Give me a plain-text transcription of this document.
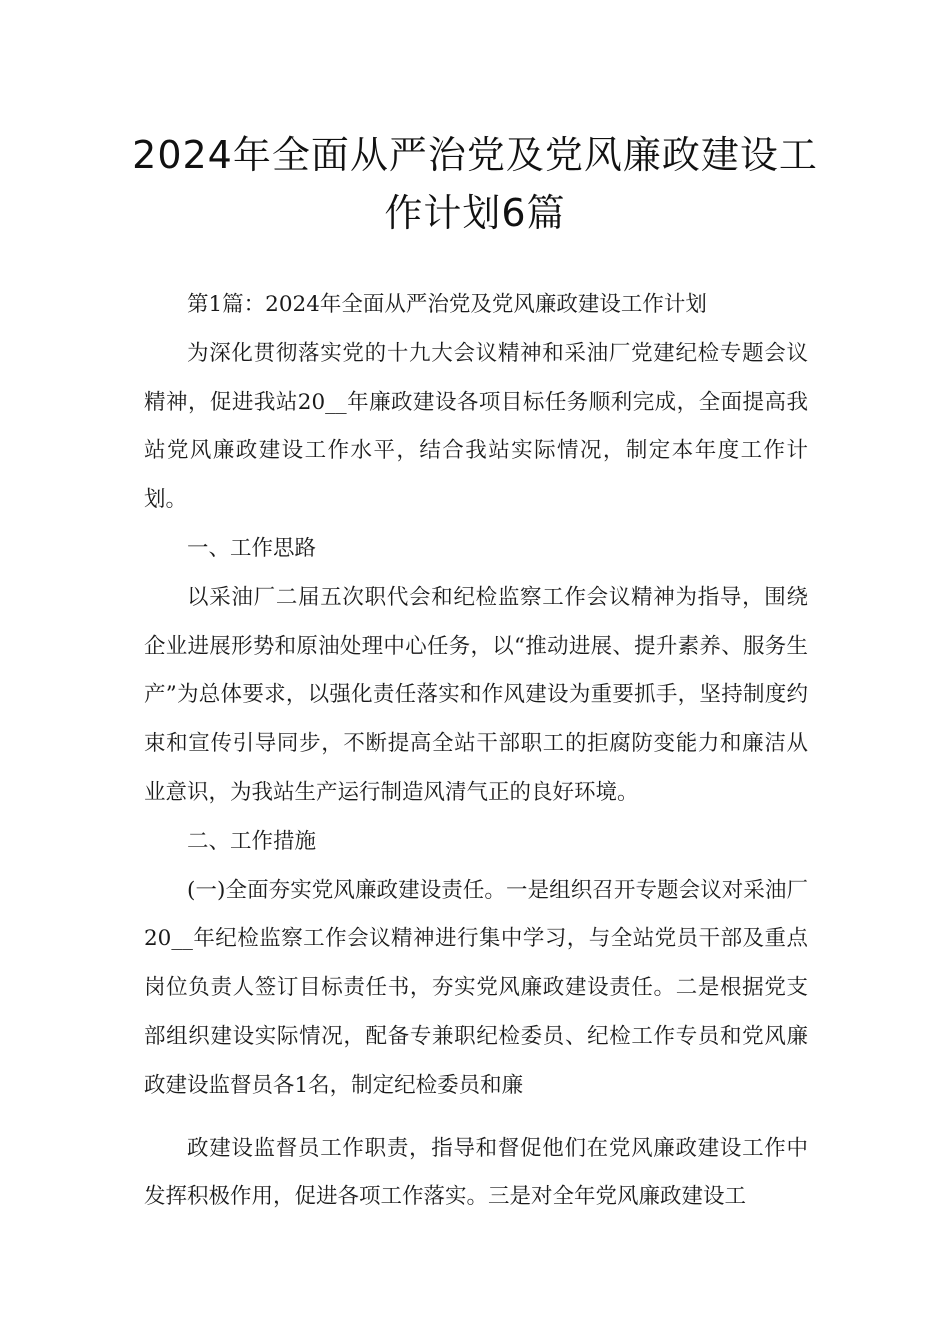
2024年全面从严治党及党风廉政建设工作计划6篇

第1篇：2024年全面从严治党及党风廉政建设工作计划

为深化贯彻落实党的十九大会议精神和采油厂党建纪检专题会议精神，促进我站20__年廉政建设各项目标任务顺利完成，全面提高我站党风廉政建设工作水平，结合我站实际情况，制定本年度工作计划。

一、工作思路

以采油厂二届五次职代会和纪检监察工作会议精神为指导，围绕企业进展形势和原油处理中心任务，以“推动进展、提升素养、服务生产”为总体要求，以强化责任落实和作风建设为重要抓手，坚持制度约束和宣传引导同步，不断提高全站干部职工的拒腐防变能力和廉洁从业意识，为我站生产运行制造风清气正的良好环境。

二、工作措施

(一)全面夯实党风廉政建设责任。一是组织召开专题会议对采油厂20__年纪检监察工作会议精神进行集中学习，与全站党员干部及重点岗位负责人签订目标责任书，夯实党风廉政建设责任。二是根据党支部组织建设实际情况，配备专兼职纪检委员、纪检工作专员和党风廉政建设监督员各1名，制定纪检委员和廉

政建设监督员工作职责，指导和督促他们在党风廉政建设工作中发挥积极作用，促进各项工作落实。三是对全年党风廉政建设工
